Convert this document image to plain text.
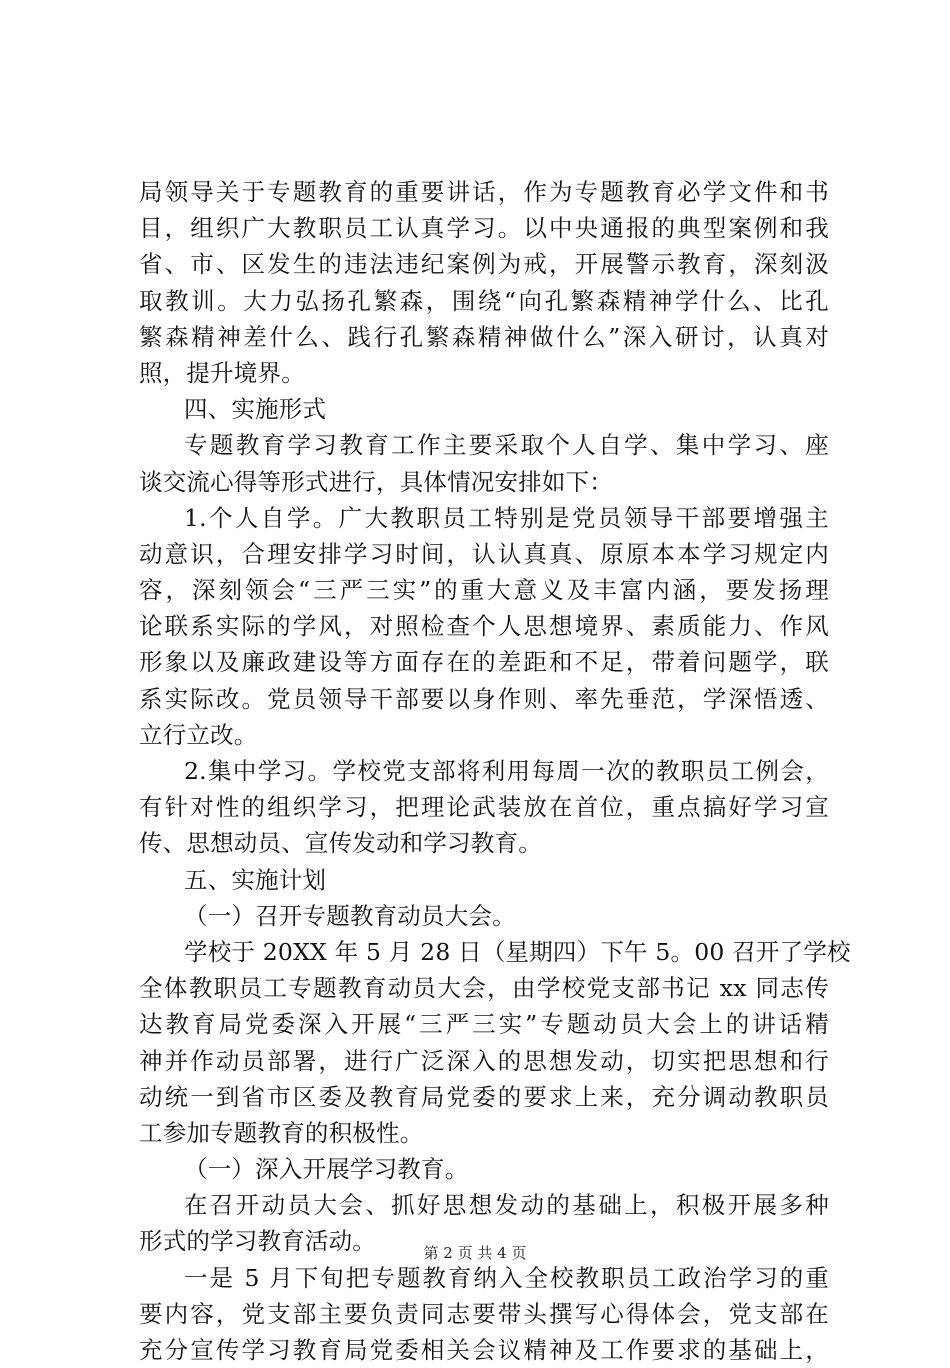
局领导关于专题教育的重要讲话，作为专题教育必学文件和书
目，组织广大教职员工认真学习。以中央通报的典型案例和我
省、市、区发生的违法违纪案例为戒，开展警示教育，深刻汲
取教训。大力弘扬孔繁森，围绕“向孔繁森精神学什么、比孔
繁森精神差什么、践行孔繁森精神做什么”深入研讨，认真对
照，提升境界。
四、实施形式
专题教育学习教育工作主要采取个人自学、集中学习、座
谈交流心得等形式进行，具体情况安排如下：
1.个人自学。广大教职员工特别是党员领导干部要增强主
动意识，合理安排学习时间，认认真真、原原本本学习规定内
容，深刻领会“三严三实”的重大意义及丰富内涵，要发扬理
论联系实际的学风，对照检查个人思想境界、素质能力、作风
形象以及廉政建设等方面存在的差距和不足，带着问题学，联
系实际改。党员领导干部要以身作则、率先垂范，学深悟透、
立行立改。
2.集中学习。学校党支部将利用每周一次的教职员工例会，
有针对性的组织学习，把理论武装放在首位，重点搞好学习宣
传、思想动员、宣传发动和学习教育。
五、实施计划
（一）召开专题教育动员大会。
学校于 20XX 年 5 月 28 日（星期四）下午 5。00 召开了学校
全体教职员工专题教育动员大会，由学校党支部书记 xx 同志传
达教育局党委深入开展“三严三实”专题动员大会上的讲话精
神并作动员部署，进行广泛深入的思想发动，切实把思想和行
动统一到省市区委及教育局党委的要求上来，充分调动教职员
工参加专题教育的积极性。
（一）深入开展学习教育。
在召开动员大会、抓好思想发动的基础上，积极开展多种
形式的学习教育活动。
一是 5 月下旬把专题教育纳入全校教职员工政治学习的重
要内容，党支部主要负责同志要带头撰写心得体会，党支部在
充分宣传学习教育局党委相关会议精神及工作要求的基础上，
第 2 页 共 4 页
